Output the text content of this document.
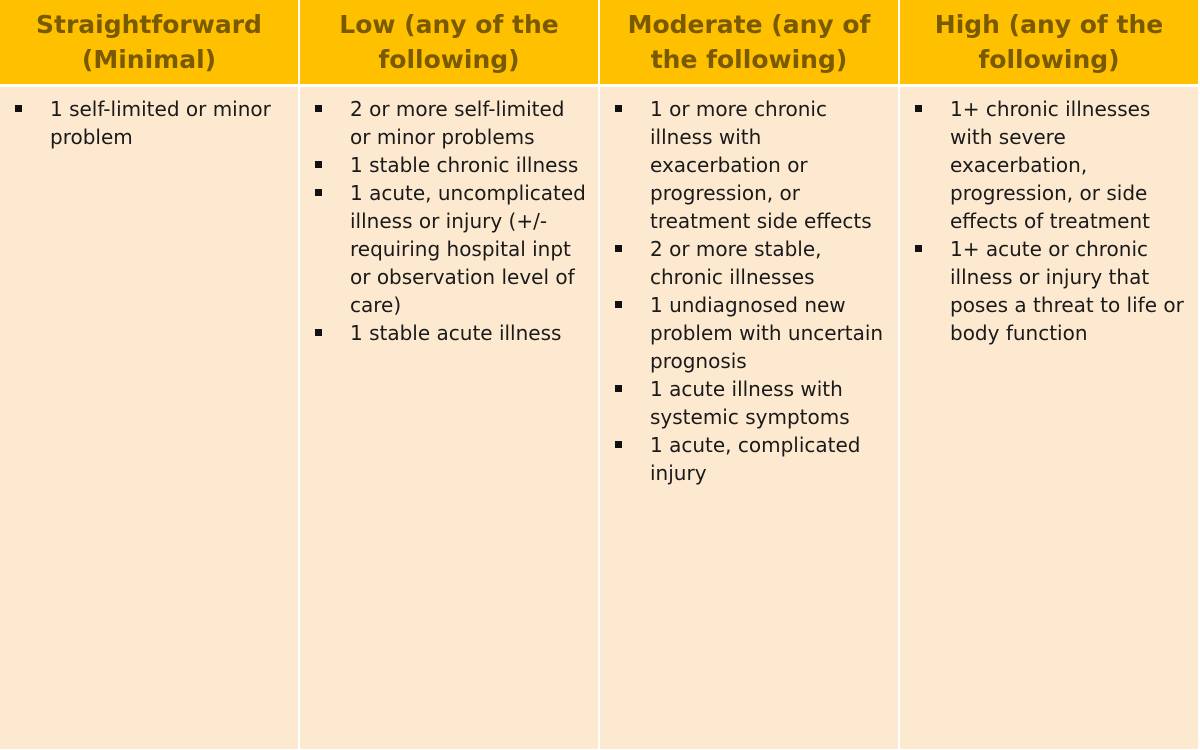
Straightforward (Minimal)
Low (any of the following)
Moderate (any of the following)
High (any of the following)
1 self-limited or minor problem
2 or more self-limited or minor problems
1 stable chronic illness
1 acute, uncomplicated illness or injury (+/- requiring hospital inpt or observation level of care)
1 stable acute illness
1 or more chronic illness with exacerbation or progression, or treatment side effects
2 or more stable, chronic illnesses
1 undiagnosed new problem with uncertain prognosis
1 acute illness with systemic symptoms
1 acute, complicated injury
1+ chronic illnesses with severe exacerbation, progression, or side effects of treatment
1+ acute or chronic illness or injury that poses a threat to life or body function
